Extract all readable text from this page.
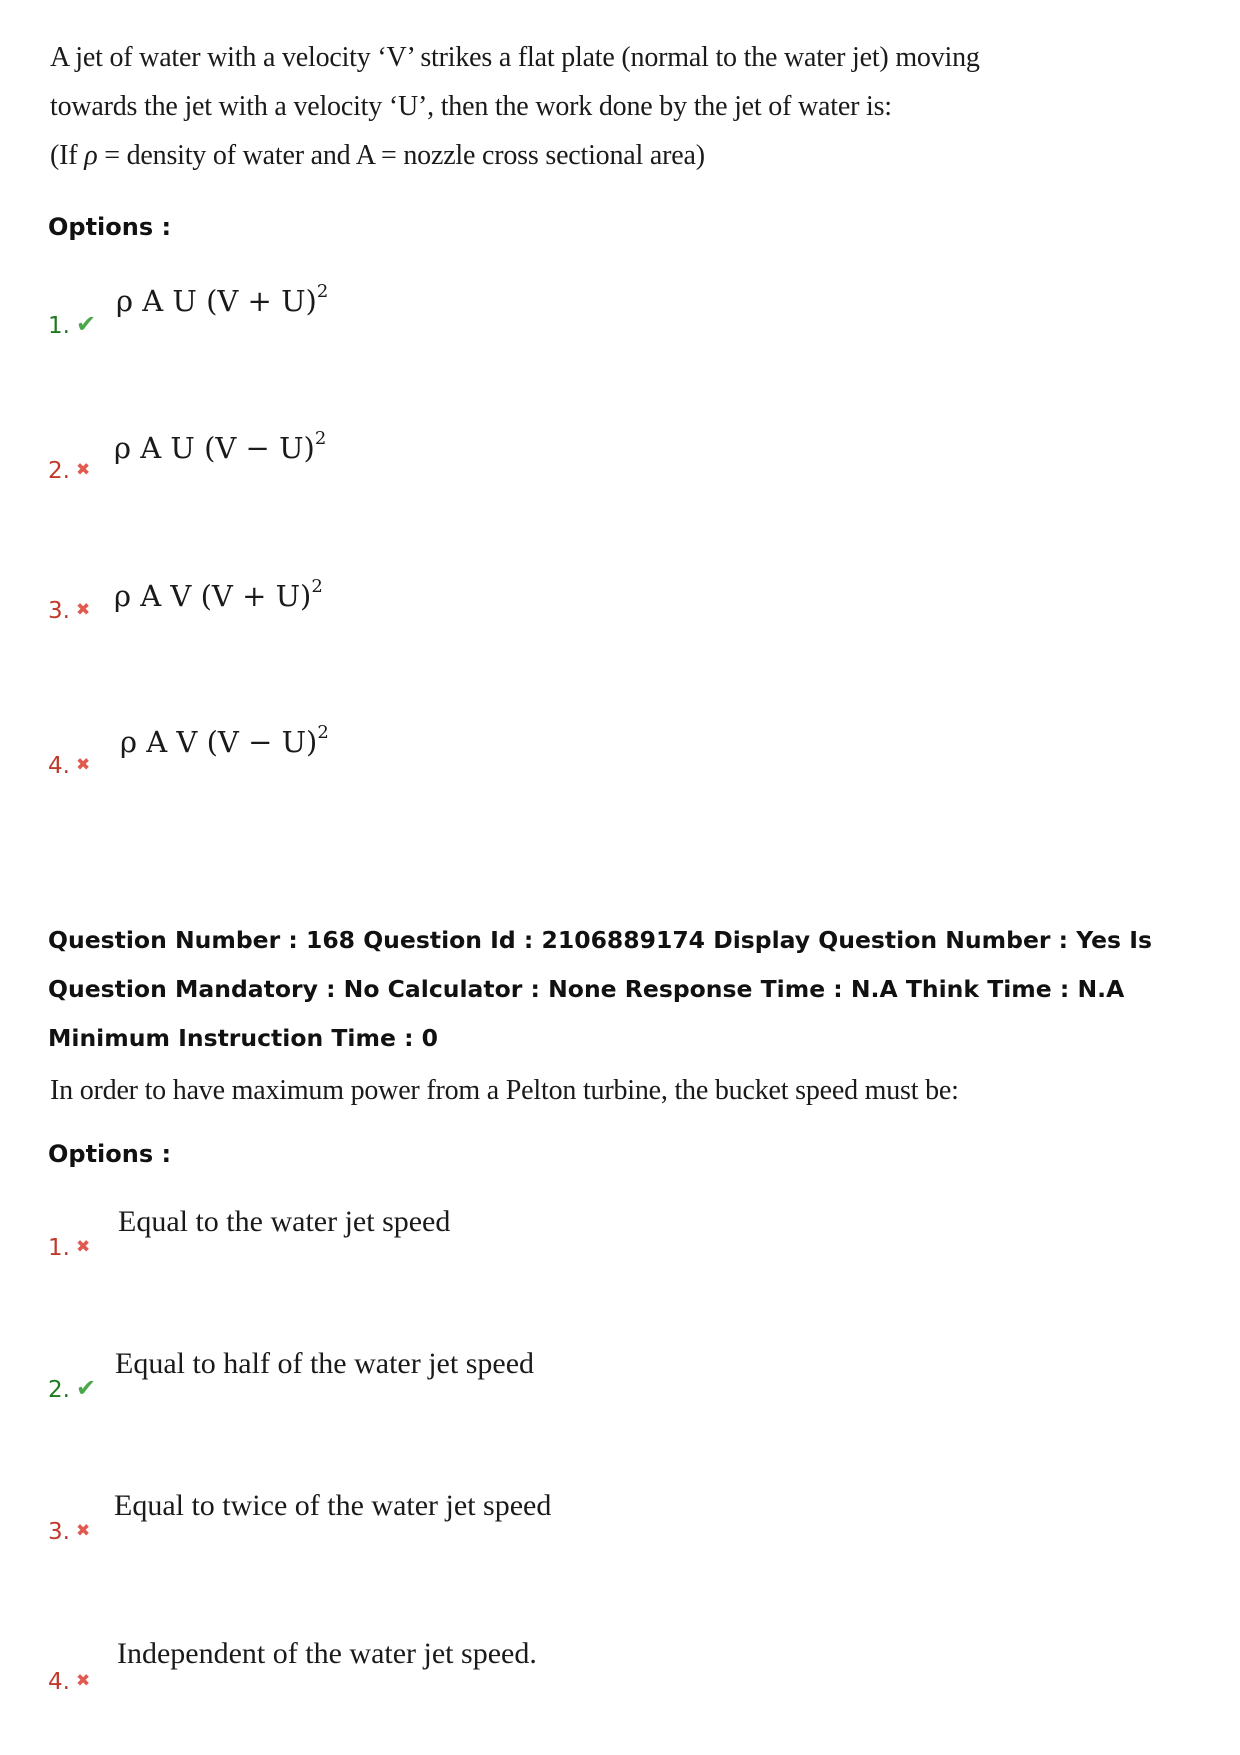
A jet of water with a velocity ‘V’ strikes a flat plate (normal to the water jet) moving
towards the jet with a velocity ‘U’, then the work done by the jet of water is:
(If ρ = density of water and A = nozzle cross sectional area)
Options :
1. ✔
ρ A U $(V + U)^2$
2. ✖
ρ A U $(V - U)^2$
3. ✖ ρ A V $(V + U)^2$
4. ✖
ρ A V $(V - U)^2$
Question Number : 168 Question Id : 2106889174 Display Question Number : Yes Is Question Mandatory : No Calculator : None Response Time : N.A Think Time : N.A Minimum Instruction Time : 0
In order to have maximum power from a Pelton turbine, the bucket speed must be:
Options :
1. ✖
Equal to the water jet speed
2. ✔
Equal to half of the water jet speed
3. ✖
Equal to twice of the water jet speed
4. ✖
Independent of the water jet speed.
